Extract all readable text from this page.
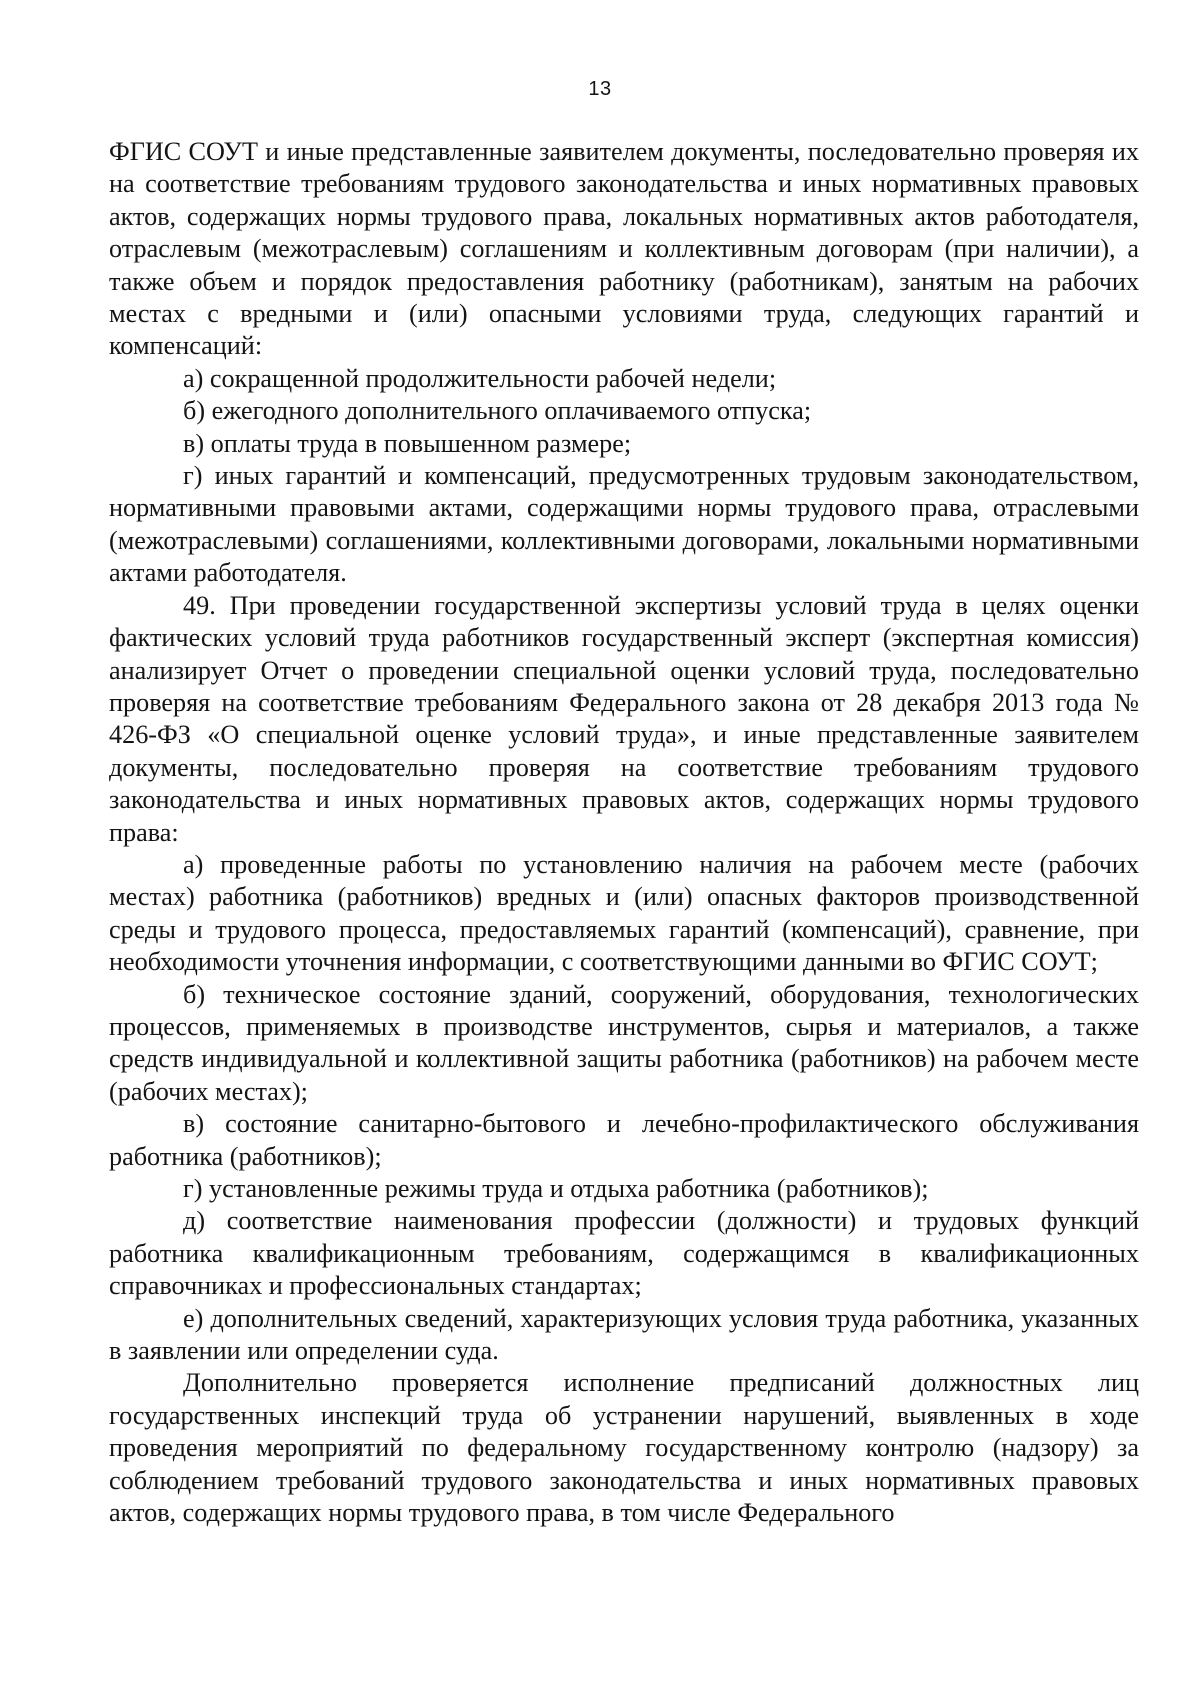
13

ФГИС СОУТ и иные представленные заявителем документы, последовательно проверяя их на соответствие требованиям трудового законодательства и иных нормативных правовых актов, содержащих нормы трудового права, локальных нормативных актов работодателя, отраслевым (межотраслевым) соглашениям и коллективным договорам (при наличии), а также объем и порядок предоставления работнику (работникам), занятым на рабочих местах с вредными и (или) опасными условиями труда, следующих гарантий и компенсаций:

а) сокращенной продолжительности рабочей недели;

б) ежегодного дополнительного оплачиваемого отпуска;

в) оплаты труда в повышенном размере;

г) иных гарантий и компенсаций, предусмотренных трудовым законодательством, нормативными правовыми актами, содержащими нормы трудового права, отраслевыми (межотраслевыми) соглашениями, коллективными договорами, локальными нормативными актами работодателя.

49. При проведении государственной экспертизы условий труда в целях оценки фактических условий труда работников государственный эксперт (экспертная комиссия) анализирует Отчет о проведении специальной оценки условий труда, последовательно проверяя на соответствие требованиям Федерального закона от 28 декабря 2013 года № 426-ФЗ «О специальной оценке условий труда», и иные представленные заявителем документы, последовательно проверяя на соответствие требованиям трудового законодательства и иных нормативных правовых актов, содержащих нормы трудового права:

а) проведенные работы по установлению наличия на рабочем месте (рабочих местах) работника (работников) вредных и (или) опасных факторов производственной среды и трудового процесса, предоставляемых гарантий (компенсаций), сравнение, при необходимости уточнения информации, с соответствующими данными во ФГИС СОУТ;

б) техническое состояние зданий, сооружений, оборудования, технологических процессов, применяемых в производстве инструментов, сырья и материалов, а также средств индивидуальной и коллективной защиты работника (работников) на рабочем месте (рабочих местах);

в) состояние санитарно-бытового и лечебно-профилактического обслуживания работника (работников);

г) установленные режимы труда и отдыха работника (работников);

д) соответствие наименования профессии (должности) и трудовых функций работника квалификационным требованиям, содержащимся в квалификационных справочниках и профессиональных стандартах;

е) дополнительных сведений, характеризующих условия труда работника, указанных в заявлении или определении суда.

Дополнительно проверяется исполнение предписаний должностных лиц государственных инспекций труда об устранении нарушений, выявленных в ходе проведения мероприятий по федеральному государственному контролю (надзору) за соблюдением требований трудового законодательства и иных нормативных правовых актов, содержащих нормы трудового права, в том числе Федерального
